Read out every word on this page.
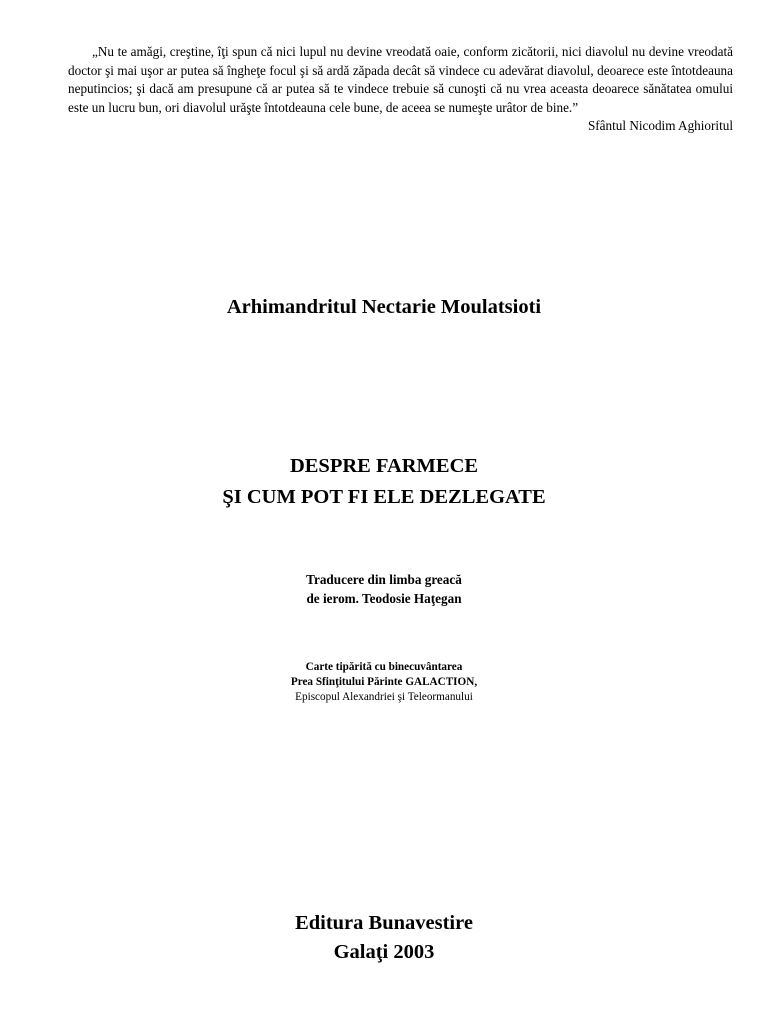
„Nu te amăgi, creştine, îţi spun că nici lupul nu devine vreodată oaie, conform zicătorii, nici diavolul nu devine vreodată doctor şi mai uşor ar putea să îngheţe focul şi să ardă zăpada decât să vindece cu adevărat diavolul, deoarece este întotdeauna neputincios; şi dacă am presupune că ar putea să te vindece trebuie să cunoşti că nu vrea aceasta deoarece sănătatea omului este un lucru bun, ori diavolul urăşte întotdeauna cele bune, de aceea se numeşte urâtor de bine.”

Sfântul Nicodim Aghioritul

Arhimandritul Nectarie Moulatsioti
DESPRE FARMECE
ŞI CUM POT FI ELE DEZLEGATE
Traducere din limba greacă
de ierom. Teodosie Haţegan
Carte tipărită cu binecuvântarea
Prea Sfinţitului Părinte GALACTION,
Episcopul Alexandriei şi Teleormanului
Editura Bunavestire
Galaţi 2003
